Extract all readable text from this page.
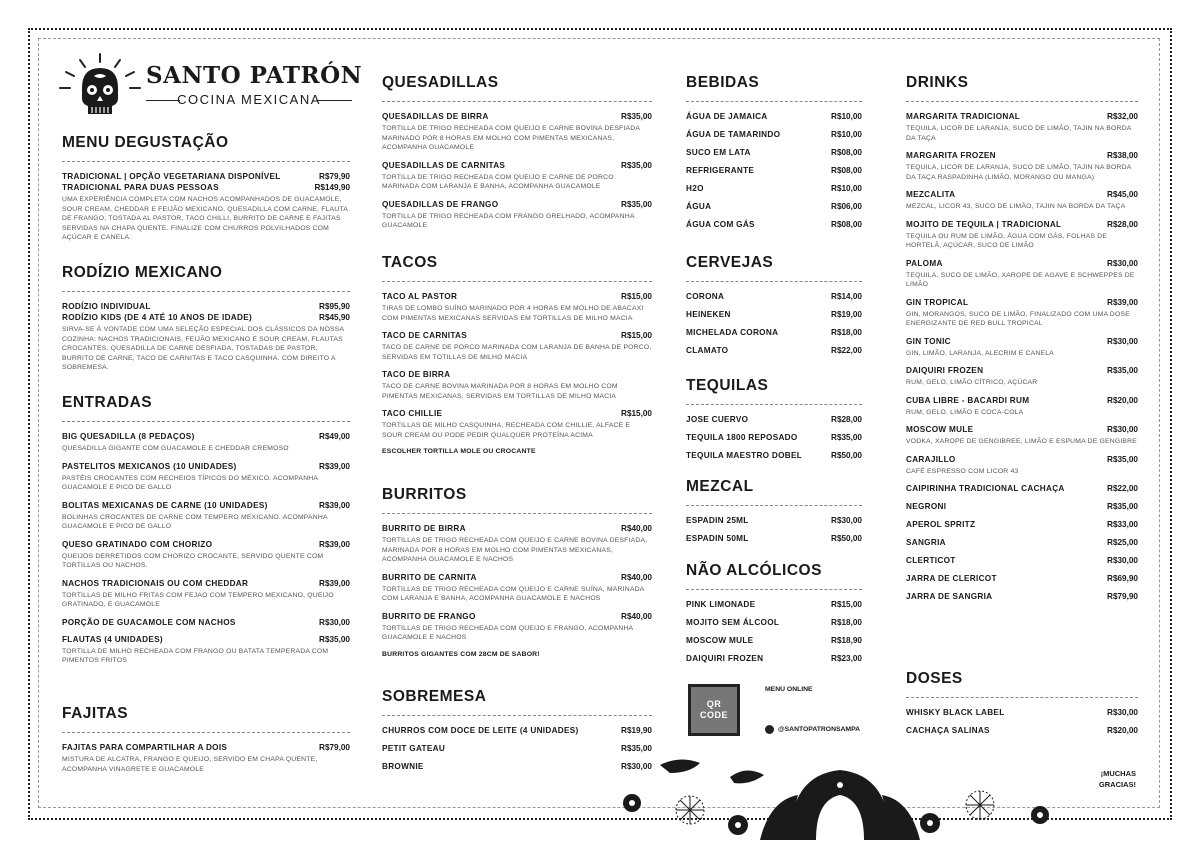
SANTO PATRÓN
COCINA MEXICANA
MENU DEGUSTAÇÃO
TRADICIONAL | OPÇÃO VEGETARIANA DISPONÍVEL	R$79,90
TRADICIONAL PARA DUAS PESSOAS	R$149,90
UMA EXPERIÊNCIA COMPLETA COM NACHOS ACOMPANHADOS DE GUACAMOLE, SOUR CREAM, CHEDDAR E FEIJÃO MEXICANO, QUESADILLA COM CARNE, FLAUTA DE FRANGO, TOSTADA AL PASTOR, TACO CHILLI, BURRITO DE CARNE E FAJITAS SERVIDAS NA CHAPA QUENTE. FINALIZE COM CHURROS POLVILHADOS COM AÇÚCAR E CANELA.
RODÍZIO MEXICANO
RODÍZIO INDIVIDUAL	R$95,90
RODÍZIO KIDS (DE 4 ATÉ 10 ANOS DE IDADE)	R$45,90
SIRVA-SE À VONTADE COM UMA SELEÇÃO ESPECIAL DOS CLÁSSICOS DA NOSSA COZINHA: NACHOS TRADICIONAIS, FEIJÃO MEXICANO E SOUR CREAM, FLAUTAS CROCANTES, QUESADILLA DE CARNE DESFIADA, TOSTADAS DE PASTOR, BURRITO DE CARNE, TACO DE CARNITAS E TACO CASQUINHA. COM DIREITO A SOBREMESA.
ENTRADAS
BIG QUESADILLA (8 PEDAÇOS)	R$49,00
QUESADILLA GIGANTE COM GUACAMOLE E CHEDDAR CREMOSO
PASTELITOS MEXICANOS (10 UNIDADES)	R$39,00
PASTÉIS CROCANTES COM RECHEIOS TÍPICOS DO MÉXICO. ACOMPANHA GUACAMOLE E PICO DE GALLO
BOLITAS MEXICANAS DE CARNE (10 UNIDADES)	R$39,00
BOLINHAS CROCANTES DE CARNE COM TEMPERO MEXICANO. ACOMPANHA GUACAMOLE E PICO DE GALLO
QUESO GRATINADO COM CHORIZO	R$39,00
QUEIJOS DERRETIDOS COM CHORIZO CROCANTE, SERVIDO QUENTE COM TORTILLAS OU NACHOS.
NACHOS TRADICIONAIS OU COM CHEDDAR	R$39,00
TORTILLAS DE MILHO FRITAS COM FEJAO COM TEMPERO MEXICANO, QUEIJO GRATINADO, E GUACAMOLE
PORÇÃO DE GUACAMOLE COM NACHOS	R$30,00
FLAUTAS (4 UNIDADES)	R$35,00
TORTILLA DE MILHO RECHEADA COM FRANGO OU BATATA TEMPERADA COM PIMENTOS FRITOS
FAJITAS
FAJITAS PARA COMPARTILHAR A DOIS	R$79,00
MISTURA DE ALCATRA, FRANGO E QUEIJO, SERVIDO EM CHAPA QUENTE, ACOMPANHA VINAGRETE E GUACAMOLE
QUESADILLAS
QUESADILLAS DE BIRRA	R$35,00
TORTILLA DE TRIGO RECHEADA COM QUEIJO E CARNE BOVINA DESFIADA MARINADO POR 8 HORAS EM MOLHO COM PIMENTAS MEXICANAS, ACOMPANHA GUACAMOLE
QUESADILLAS DE CARNITAS	R$35,00
TORTILLA DE TRIGO RECHEADA COM QUEIJO E CARNE DE PORCO MARINADA COM LARANJA E BANHA, ACOMPANHA GUACAMOLE
QUESADILLAS DE FRANGO	R$35,00
TORTILLA DE TRIGO RECHEADA COM FRANGO GRELHADO, ACOMPANHA GUACAMOLE
TACOS
TACO AL PASTOR	R$15,00
TIRAS DE LOMBO SUÍNO MARINADO POR 4 HORAS EM MOLHO DE ABACAXI COM PIMENTAS MEXICANAS SERVIDAS EM TORTILLAS DE MILHO MACIA
TACO DE CARNITAS	R$15,00
TACO DE CARNE DE PORCO MARINADA COM LARANJA DE BANHA DE PORCO, SERVIDAS EM TOTILLAS DE MILHO MACIA
TACO DE BIRRA
TACO DE CARNE BOVINA MARINADA POR 8 HORAS EM MOLHO COM PIMENTAS MEXICANAS, SERVIDAS EM TORTILLAS DE MILHO MACIA
TACO CHILLIE	R$15,00
TORTILLAS DE MILHO CASQUINHA, RECHEADA COM CHILLIE, ALFACE E SOUR CREAM OU PODE PEDIR QUALQUER PROTEÍNA ACIMA
ESCOLHER TORTILLA MOLE OU CROCANTE
BURRITOS
BURRITO DE BIRRA	R$40,00
TORTILLAS DE TRIGO RECHEADA COM QUEIJO E CARNE BOVINA DESFIADA, MARINADA POR 8 HORAS EM MOLHO COM PIMENTAS MEXICANAS, ACOMPANHA GUACAMOLE E NACHOS
BURRITO DE CARNITA	R$40,00
TORTILLAS DE TRIGO RECHEADA COM QUEIJO E CARNE SUÍNA, MARINADA COM LARANJA E BANHA, ACOMPANHA GUACAMOLE E NACHOS
BURRITO DE FRANGO	R$40,00
TORTILLAS DE TRIGO RECHEADA COM QUEIJO E FRANGO, ACOMPANHA GUACAMOLE E NACHOS
BURRITOS GIGANTES COM 28CM DE SABOR!
SOBREMESA
CHURROS COM DOCE DE LEITE (4 UNIDADES)	R$19,90
PETIT GATEAU	R$35,00
BROWNIE	R$30,00
BEBIDAS
ÁGUA DE JAMAICA	R$10,00
ÁGUA DE TAMARINDO	R$10,00
SUCO EM LATA	R$08,00
REFRIGERANTE	R$08,00
H2O	R$10,00
ÁGUA	R$06,00
ÁGUA COM GÁS	R$08,00
CERVEJAS
CORONA	R$14,00
HEINEKEN	R$19,00
MICHELADA CORONA	R$18,00
CLAMATO	R$22,00
TEQUILAS
JOSE CUERVO	R$28,00
TEQUILA 1800 REPOSADO	R$35,00
TEQUILA MAESTRO DOBEL	R$50,00
MEZCAL
ESPADIN 25ML	R$30,00
ESPADIN 50ML	R$50,00
NÃO ALCÓLICOS
PINK LIMONADE	R$15,00
MOJITO SEM ÁLCOOL	R$18,00
MOSCOW MULE	R$18,90
DAIQUIRI FROZEN	R$23,00
QR
CODE
MENU ONLINE
@SANTOPATRONSAMPA
DRINKS
MARGARITA TRADICIONAL	R$32,00
TEQUILA, LICOR DE LARANJA, SUCO DE LIMÃO, TAJIN NA BORDA DA TAÇA
MARGARITA FROZEN	R$38,00
TEQUILA, LICOR DE LARANJA, SUCO DE LIMÃO, TAJIN NA BORDA DA TAÇA RASPADINHA (LIMÃO, MORANGO OU MANGA)
MEZCALITA	R$45,00
MEZCAL, LICOR 43, SUCO DE LIMÃO, TAJIN NA BORDA DA TAÇA
MOJITO DE TEQUILA | TRADICIONAL	R$28,00
TEQUILA OU RUM DE LIMÃO, ÁGUA COM GÁS, FOLHAS DE HORTELÃ, AÇÚCAR, SUCO DE LIMÃO
PALOMA	R$30,00
TEQUILA, SUCO DE LIMÃO, XAROPE DE AGAVE E SCHWEPPES DE LIMÃO
GIN TROPICAL	R$39,00
GIN, MORANGOS, SUCO DE LIMÃO, FINALIZADO COM UMA DOSE ENERGIZANTE DE RED BULL TROPICAL
GIN TONIC	R$30,00
GIN, LIMÃO, LARANJA, ALECRIM E CANELA
DAIQUIRI FROZEN	R$35,00
RUM, GELO, LIMÃO CÍTRICO, AÇÚCAR
CUBA LIBRE - BACARDI RUM	R$20,00
RUM, GELO, LIMÃO E COCA-COLA
MOSCOW MULE	R$30,00
VODKA, XAROPE DE GENGIBREE, LIMÃO E ESPUMA DE GENGIBRE
CARAJILLO	R$35,00
CAFÉ ESPRESSO COM LICOR 43
CAIPIRINHA TRADICIONAL CACHAÇA	R$22,00
NEGRONI	R$35,00
APEROL SPRITZ	R$33,00
SANGRIA	R$25,00
CLERTICOT	R$30,00
JARRA DE CLERICOT	R$69,90
JARRA DE SANGRIA	R$79,90
DOSES
WHISKY BLACK LABEL	R$30,00
CACHAÇA SALINAS	R$20,00
¡MUCHAS
GRACIAS!
